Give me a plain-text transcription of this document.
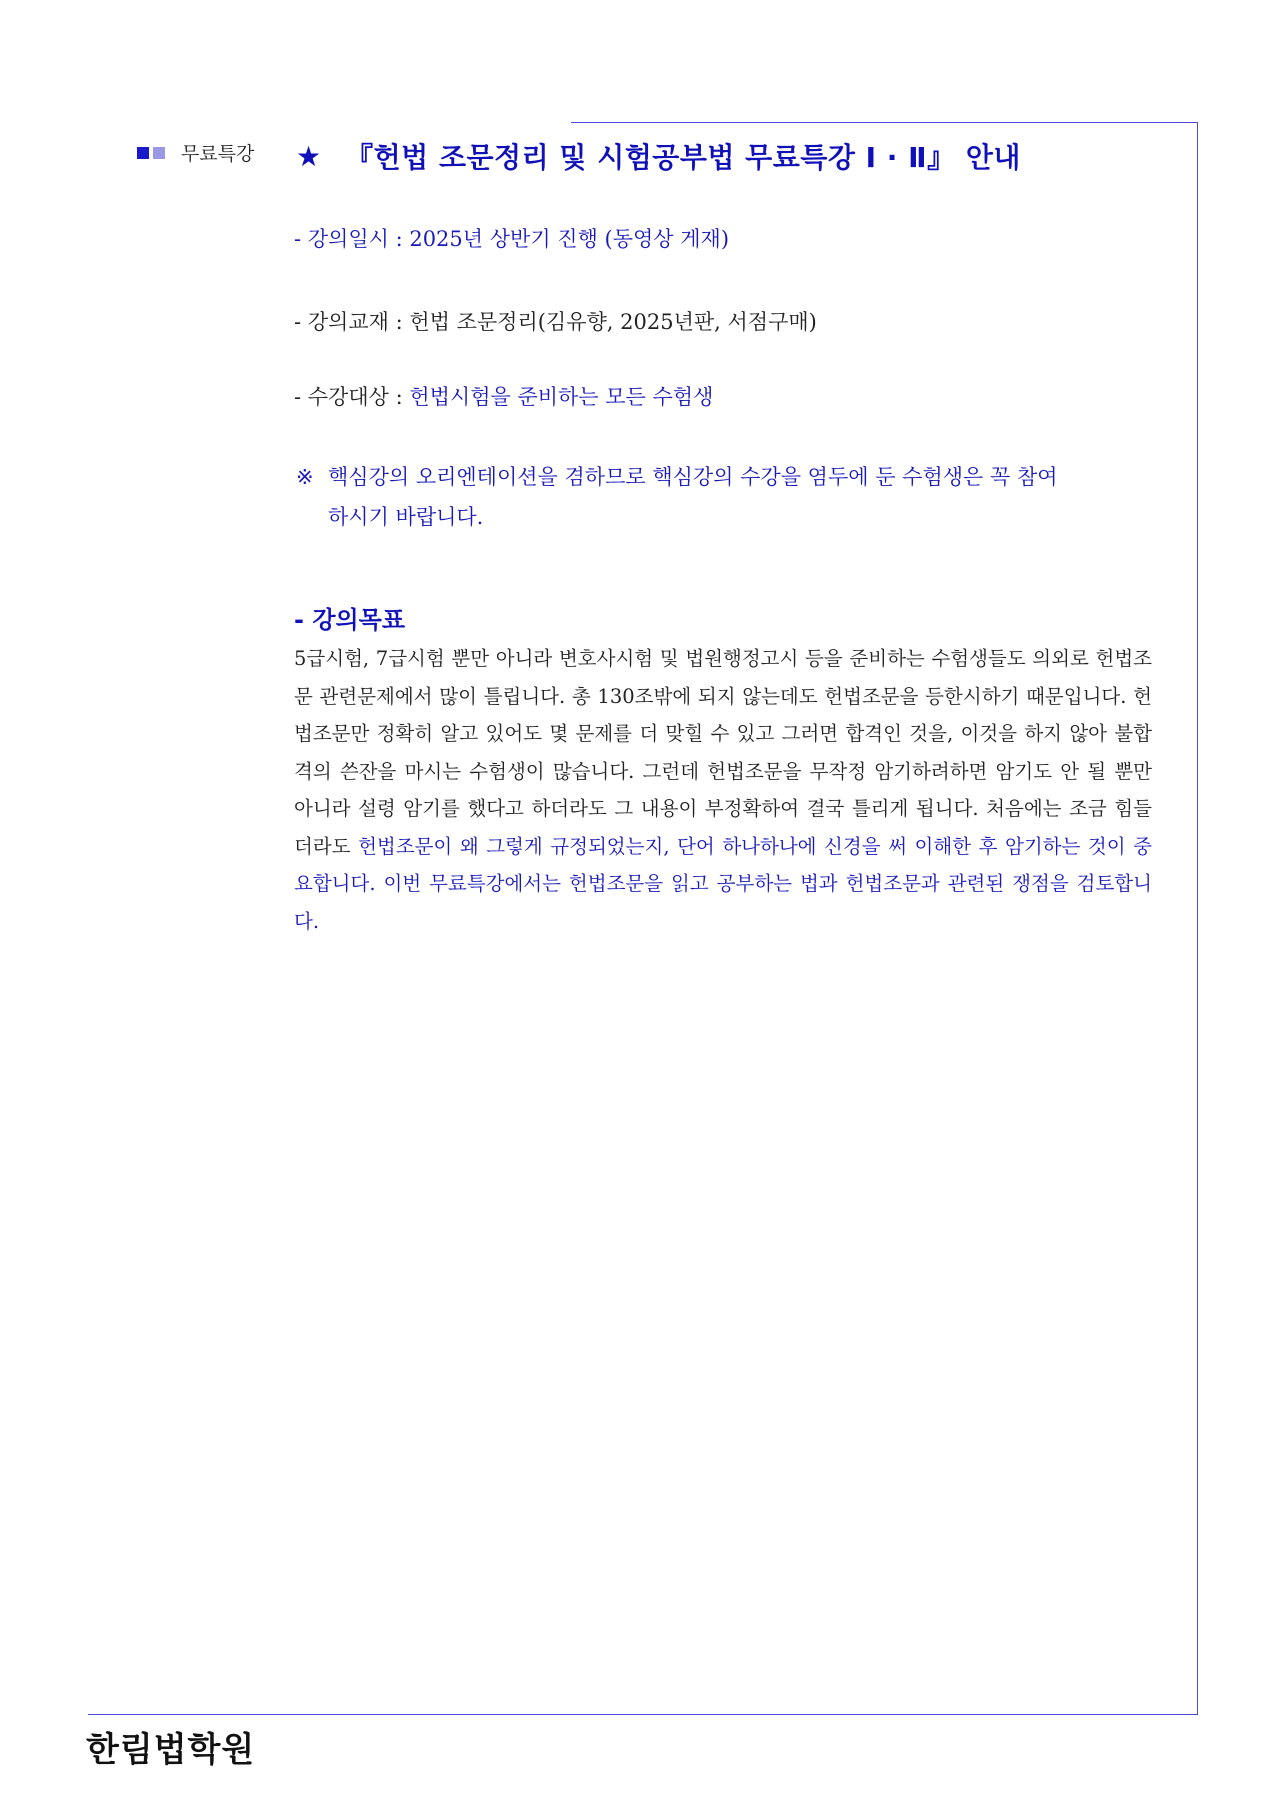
무료특강 ★ 『헌법 조문정리 및 시험공부법 무료특강 Ⅰ · Ⅱ』 안내
- 강의일시 : 2025년 상반기 진행 (동영상 게재)
- 강의교재 : 헌법 조문정리(김유향, 2025년판, 서점구매)
- 수강대상 : 헌법시험을 준비하는 모든 수험생
※ 핵심강의 오리엔테이션을 겸하므로 핵심강의 수강을 염두에 둔 수험생은 꼭 참여
하시기 바랍니다.
- 강의목표
5급시험, 7급시험 뿐만 아니라 변호사시험 및 법원행정고시 등을 준비하는 수험생들도 의외로 헌법조문 관련문제에서 많이 틀립니다. 총 130조밖에 되지 않는데도 헌법조문을 등한시하기 때문입니다. 헌법조문만 정확히 알고 있어도 몇 문제를 더 맞힐 수 있고 그러면 합격인 것을, 이것을 하지 않아 불합격의 쓴잔을 마시는 수험생이 많습니다. 그런데 헌법조문을 무작정 암기하려하면 암기도 안 될 뿐만 아니라 설령 암기를 했다고 하더라도 그 내용이 부정확하여 결국 틀리게 됩니다. 처음에는 조금 힘들더라도 헌법조문이 왜 그렇게 규정되었는지, 단어 하나하나에 신경을 써 이해한 후 암기하는 것이 중요합니다. 이번 무료특강에서는 헌법조문을 읽고 공부하는 법과 헌법조문과 관련된 쟁점을 검토합니다.
한림법학원
